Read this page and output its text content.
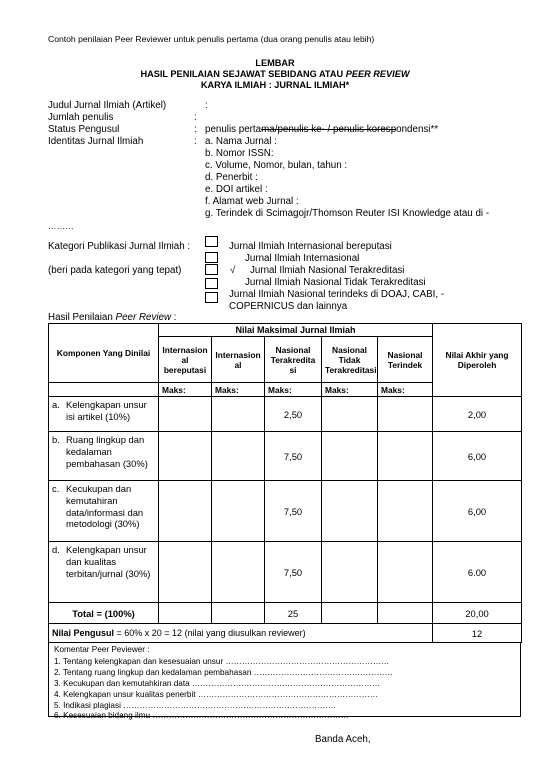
Contoh penilaian Peer Reviewer untuk penulis pertama (dua orang penulis atau lebih)
LEMBAR
HASIL PENILAIAN SEJAWAT SEBIDANG ATAU PEER REVIEW
KARYA ILMIAH : JURNAL ILMIAH*
Judul Jurnal Ilmiah (Artikel)	:
Jumlah penulis	:
Status Pengusul	: penulis pertama/penulis ke- / penulis korespondensi**
Identitas Jurnal Ilmiah	: a. Nama Jurnal :
b. Nomor ISSN:
c. Volume, Nomor, bulan, tahun :
d. Penerbit :
e. DOI artikel :
f. Alamat web Jurnal :
g. Terindek di Scimagojr/Thomson Reuter ISI Knowledge atau di -
………
Kategori Publikasi Jurnal Ilmiah :
(beri pada kategori yang tepat)
Jurnal Ilmiah Internasional bereputasi
Jurnal Ilmiah Internasional
√ Jurnal Ilmiah Nasional Terakreditasi
Jurnal Ilmiah Nasional Tidak Terakreditasi
Jurnal Ilmiah Nasional terindeks di DOAJ, CABI, -
COPERNICUS dan lainnya
Hasil Penilaian Peer Review :
Komponen Yang Dinilai	Nilai Maksimal Jurnal Ilmiah					Nilai Akhir yang Diperoleh
	Internasion al bereputasi	Internasion al	Nasional Terakredita si	Nasional Tidak Terakreditasi	Nasional Terindek	
	Maks:	Maks:	Maks:	Maks:	Maks:	

a. Kelengkapan unsur isi artikel (10%)			2,50			2,00

b. Ruang lingkup dan kedalaman pembahasan (30%)			7,50			6,00

c. Kecukupan dan kemutahiran data/informasi dan metodologi (30%)			7,50			6,00

d. Kelengkapan unsur dan kualitas terbitan/jurnal (30%)			7,50			6.00
Total = (100%)			25			20,00
Nilai Pengusul = 60% x 20 = 12 (nilai yang diusulkan reviewer)						12
Komentar Peer Peviewer :
1. Tentang kelengkapan dan kesesuaian unsur ……………………………………………………
2. Tentang ruang lingkup dan kedalaman pembahasan ……………………………………………
3. Kecukupan dan kemutahkiran data ……………………………………………………………
4. Kelengkapan unsur kualitas penerbit …………………………………………………………
5. Indikasi plagiasi ……………………………………………………………………
6. Kesesuaian bidang ilmu ………………………………………………………………
Banda Aceh,
